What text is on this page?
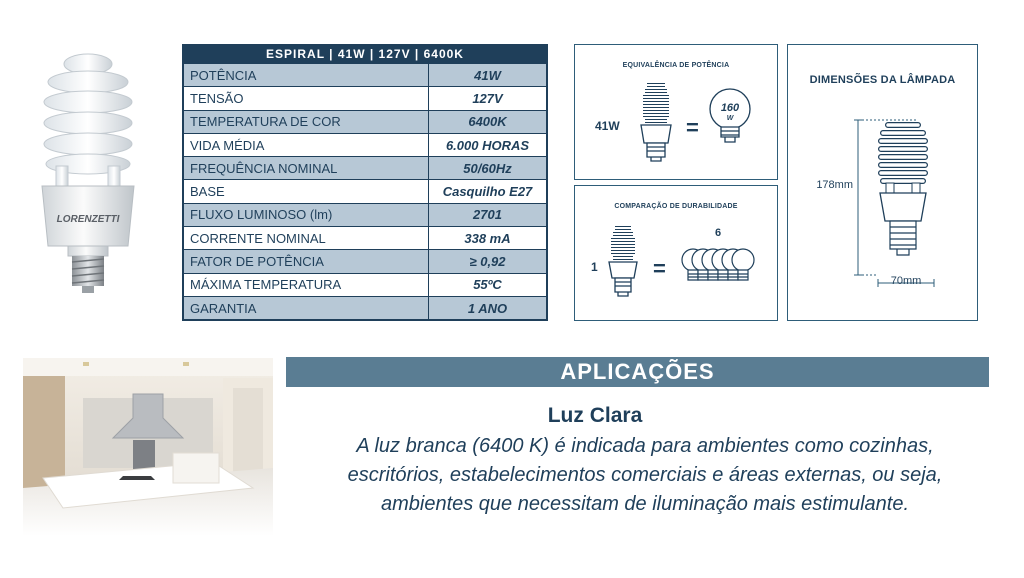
LORENZETTI
ESPIRAL | 41W | 127V | 6400K
POTÊNCIA	41W
TENSÃO	127V
TEMPERATURA DE COR	6400K
VIDA MÉDIA	6.000 HORAS
FREQUÊNCIA NOMINAL	50/60Hz
BASE	Casquilho E27
FLUXO LUMINOSO (lm)	2701
CORRENTE NOMINAL	338 mA
FATOR DE POTÊNCIA	≥ 0,92
MÁXIMA TEMPERATURA	55ºC
GARANTIA	1 ANO
EQUIVALÊNCIA DE POTÊNCIA
41W	=
160
W
COMPARAÇÃO DE DURABILIDADE
1	=
6
DIMENSÕES DA LÂMPADA
178mm
70mm
APLICAÇÕES
Luz Clara
A luz branca (6400 K) é indicada para ambientes como cozinhas,
escritórios, estabelecimentos comerciais e áreas externas, ou seja,
ambientes que necessitam de iluminação mais estimulante.
